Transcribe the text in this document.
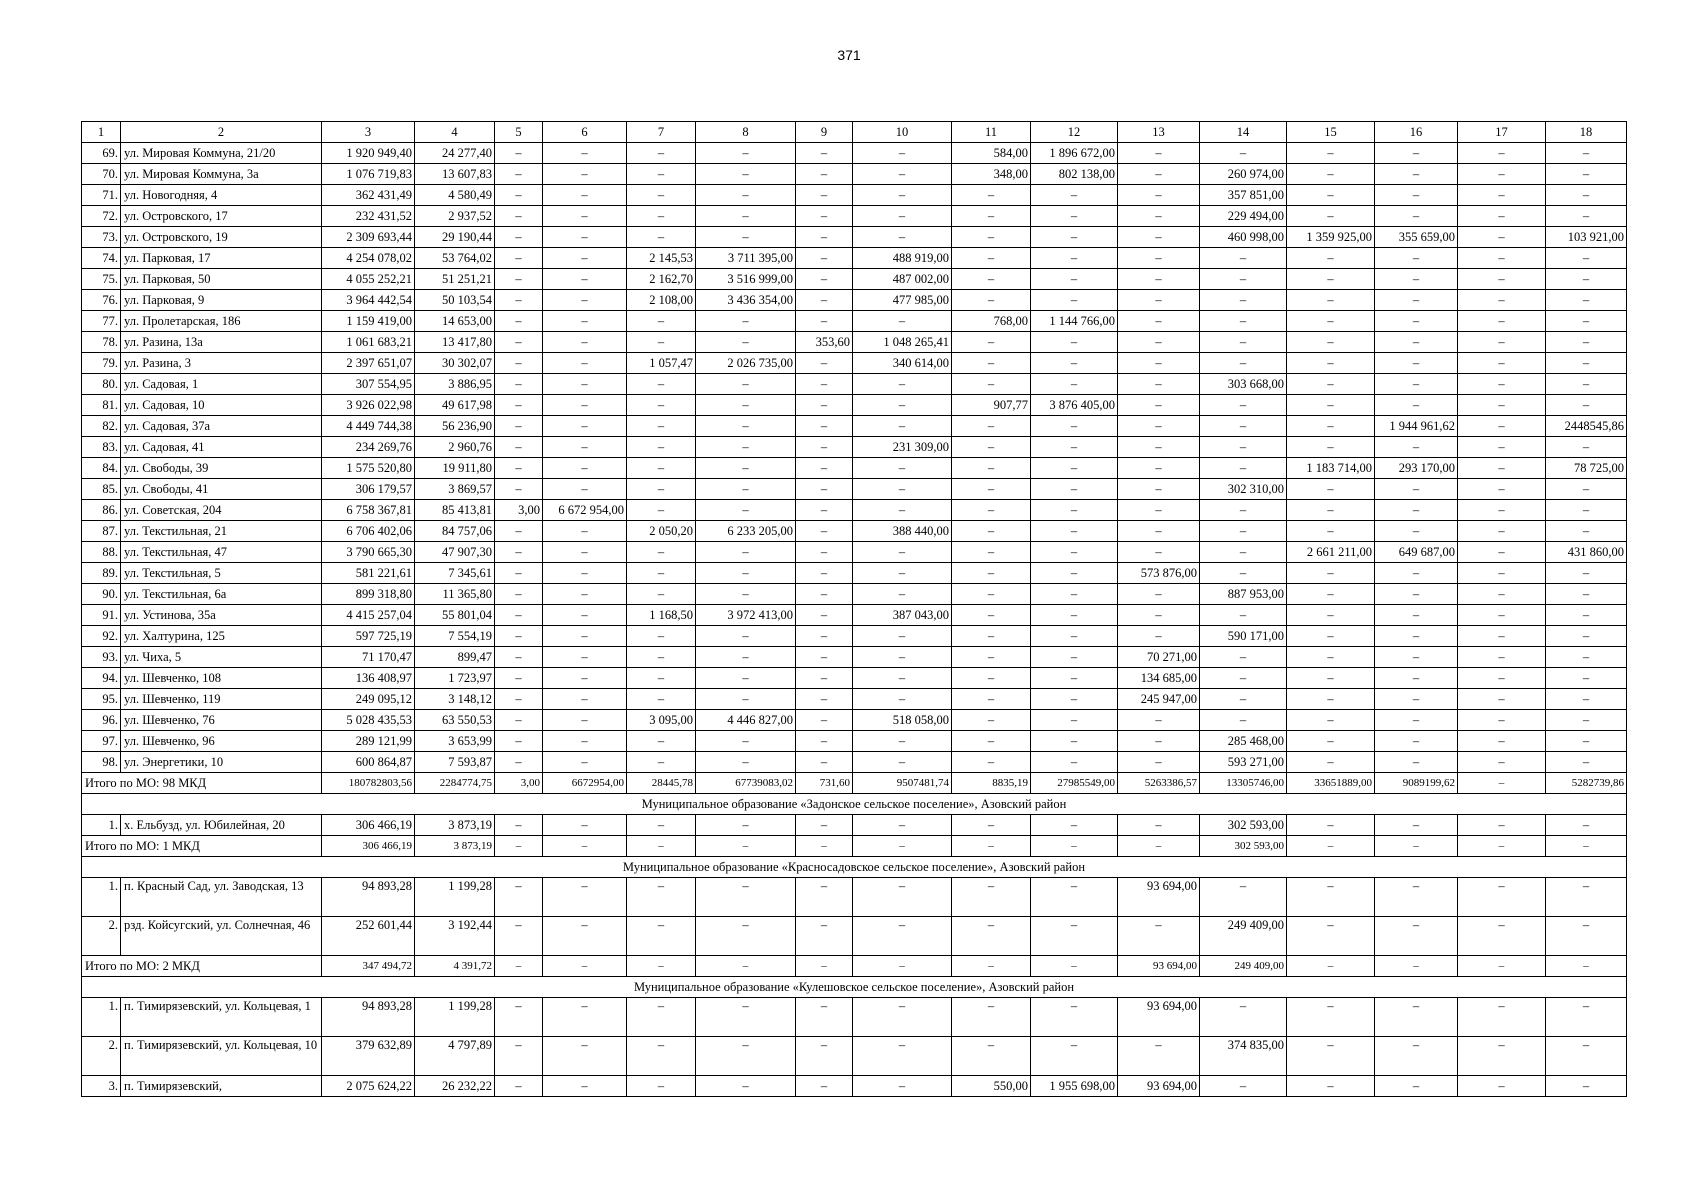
371
1	2	3	4	5	6	7	8	9	10	11	12	13	14	15	16	17	18
69.	ул. Мировая Коммуна, 21/20	1 920 949,40	24 277,40	–	–	–	–	–	–	584,00	1 896 672,00	–	–	–	–	–	–
70.	ул. Мировая Коммуна, 3а	1 076 719,83	13 607,83	–	–	–	–	–	–	348,00	802 138,00	–	260 974,00	–	–	–	–
71.	ул. Новогодняя, 4	362 431,49	4 580,49	–	–	–	–	–	–	–	–	–	357 851,00	–	–	–	–
72.	ул. Островского, 17	232 431,52	2 937,52	–	–	–	–	–	–	–	–	–	229 494,00	–	–	–	–
73.	ул. Островского, 19	2 309 693,44	29 190,44	–	–	–	–	–	–	–	–	–	460 998,00	1 359 925,00	355 659,00	–	103 921,00
74.	ул. Парковая, 17	4 254 078,02	53 764,02	–	–	2 145,53	3 711 395,00	–	488 919,00	–	–	–	–	–	–	–	–
75.	ул. Парковая, 50	4 055 252,21	51 251,21	–	–	2 162,70	3 516 999,00	–	487 002,00	–	–	–	–	–	–	–	–
76.	ул. Парковая, 9	3 964 442,54	50 103,54	–	–	2 108,00	3 436 354,00	–	477 985,00	–	–	–	–	–	–	–	–
77.	ул. Пролетарская, 186	1 159 419,00	14 653,00	–	–	–	–	–	–	768,00	1 144 766,00	–	–	–	–	–	–
78.	ул. Разина, 13а	1 061 683,21	13 417,80	–	–	–	–	353,60	1 048 265,41	–	–	–	–	–	–	–	–
79.	ул. Разина, 3	2 397 651,07	30 302,07	–	–	1 057,47	2 026 735,00	–	340 614,00	–	–	–	–	–	–	–	–
80.	ул. Садовая, 1	307 554,95	3 886,95	–	–	–	–	–	–	–	–	–	303 668,00	–	–	–	–
81.	ул. Садовая, 10	3 926 022,98	49 617,98	–	–	–	–	–	–	907,77	3 876 405,00	–	–	–	–	–	–
82.	ул. Садовая, 37а	4 449 744,38	56 236,90	–	–	–	–	–	–	–	–	–	–	–	1 944 961,62	–	2448545,86
83.	ул. Садовая, 41	234 269,76	2 960,76	–	–	–	–	–	231 309,00	–	–	–	–	–	–	–	–
84.	ул. Свободы, 39	1 575 520,80	19 911,80	–	–	–	–	–	–	–	–	–	–	1 183 714,00	293 170,00	–	78 725,00
85.	ул. Свободы, 41	306 179,57	3 869,57	–	–	–	–	–	–	–	–	–	302 310,00	–	–	–	–
86.	ул. Советская, 204	6 758 367,81	85 413,81	3,00	6 672 954,00	–	–	–	–	–	–	–	–	–	–	–	–
87.	ул. Текстильная, 21	6 706 402,06	84 757,06	–	–	2 050,20	6 233 205,00	–	388 440,00	–	–	–	–	–	–	–	–
88.	ул. Текстильная, 47	3 790 665,30	47 907,30	–	–	–	–	–	–	–	–	–	–	2 661 211,00	649 687,00	–	431 860,00
89.	ул. Текстильная, 5	581 221,61	7 345,61	–	–	–	–	–	–	–	–	573 876,00	–	–	–	–	–
90.	ул. Текстильная, 6а	899 318,80	11 365,80	–	–	–	–	–	–	–	–	–	887 953,00	–	–	–	–
91.	ул. Устинова, 35а	4 415 257,04	55 801,04	–	–	1 168,50	3 972 413,00	–	387 043,00	–	–	–	–	–	–	–	–
92.	ул. Халтурина, 125	597 725,19	7 554,19	–	–	–	–	–	–	–	–	–	590 171,00	–	–	–	–
93.	ул. Чиха, 5	71 170,47	899,47	–	–	–	–	–	–	–	–	70 271,00	–	–	–	–	–
94.	ул. Шевченко, 108	136 408,97	1 723,97	–	–	–	–	–	–	–	–	134 685,00	–	–	–	–	–
95.	ул. Шевченко, 119	249 095,12	3 148,12	–	–	–	–	–	–	–	–	245 947,00	–	–	–	–	–
96.	ул. Шевченко, 76	5 028 435,53	63 550,53	–	–	3 095,00	4 446 827,00	–	518 058,00	–	–	–	–	–	–	–	–
97.	ул. Шевченко, 96	289 121,99	3 653,99	–	–	–	–	–	–	–	–	–	285 468,00	–	–	–	–
98.	ул. Энергетики, 10	600 864,87	7 593,87	–	–	–	–	–	–	–	–	–	593 271,00	–	–	–	–
Итого по МО: 98 МКД		180782803,56	2284774,75	3,00	6672954,00	28445,78	67739083,02	731,60	9507481,74	8835,19	27985549,00	5263386,57	13305746,00	33651889,00	9089199,62	–	5282739,86
Муниципальное образование «Задонское сельское поселение», Азовский район																	
1.	х. Ельбузд, ул. Юбилейная, 20	306 466,19	3 873,19	–	–	–	–	–	–	–	–	–	302 593,00	–	–	–	–
Итого по МО: 1 МКД		306 466,19	3 873,19	–	–	–	–	–	–	–	–	–	302 593,00	–	–	–	–
Муниципальное образование «Красносадовское сельское поселение», Азовский район																	
1.	п. Красный Сад, ул. Заводская, 13	94 893,28	1 199,28	–	–	–	–	–	–	–	–	93 694,00	–	–	–	–	–
2.	рзд. Койсугский, ул. Солнечная, 46	252 601,44	3 192,44	–	–	–	–	–	–	–	–	–	249 409,00	–	–	–	–
Итого по МО: 2 МКД		347 494,72	4 391,72	–	–	–	–	–	–	–	–	93 694,00	249 409,00	–	–	–	–
Муниципальное образование «Кулешовское сельское поселение», Азовский район																	
1.	п. Тимирязевский, ул. Кольцевая, 1	94 893,28	1 199,28	–	–	–	–	–	–	–	–	93 694,00	–	–	–	–	–
2.	п. Тимирязевский, ул. Кольцевая, 10	379 632,89	4 797,89	–	–	–	–	–	–	–	–	–	374 835,00	–	–	–	–
3.	п. Тимирязевский,	2 075 624,22	26 232,22	–	–	–	–	–	–	550,00	1 955 698,00	93 694,00	–	–	–	–	–
